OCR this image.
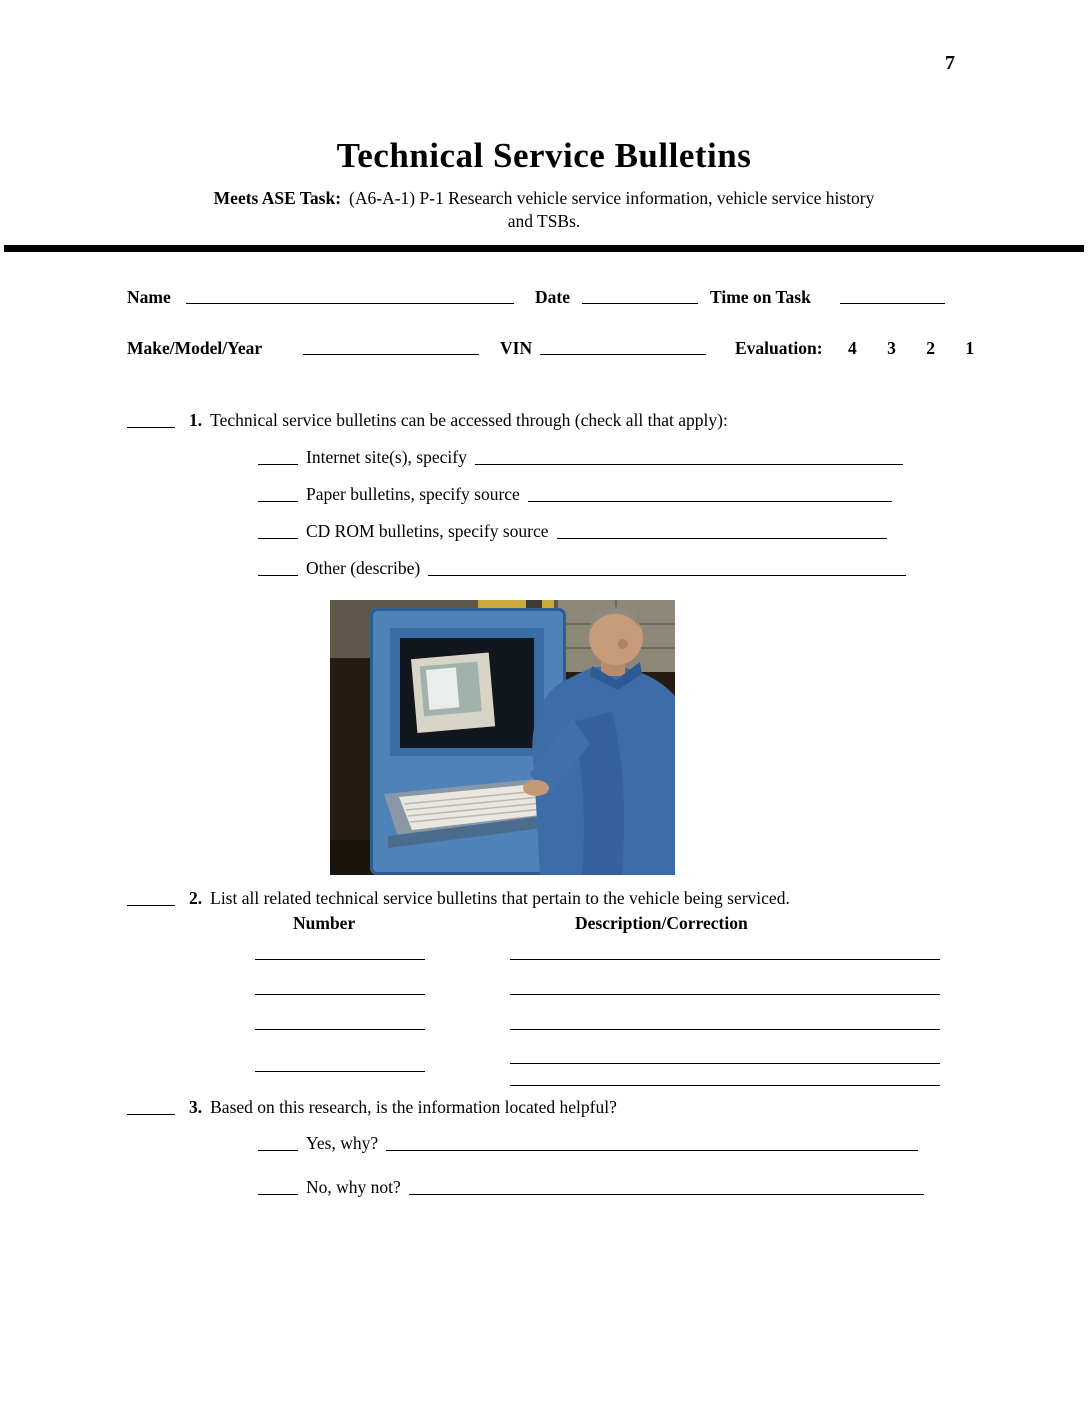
7
Technical Service Bulletins
Meets ASE Task: (A6-A-1) P-1 Research vehicle service information, vehicle service history
and TSBs.
Name	Date	Time on Task
Make/Model/Year	VIN	Evaluation:	4 3 2 1
1. Technical service bulletins can be accessed through (check all that apply):
Internet site(s), specify
Paper bulletins, specify source
CD ROM bulletins, specify source
Other (describe)
2. List all related technical service bulletins that pertain to the vehicle being serviced.
Number	Description/Correction
3. Based on this research, is the information located helpful?
Yes, why?
No, why not?
